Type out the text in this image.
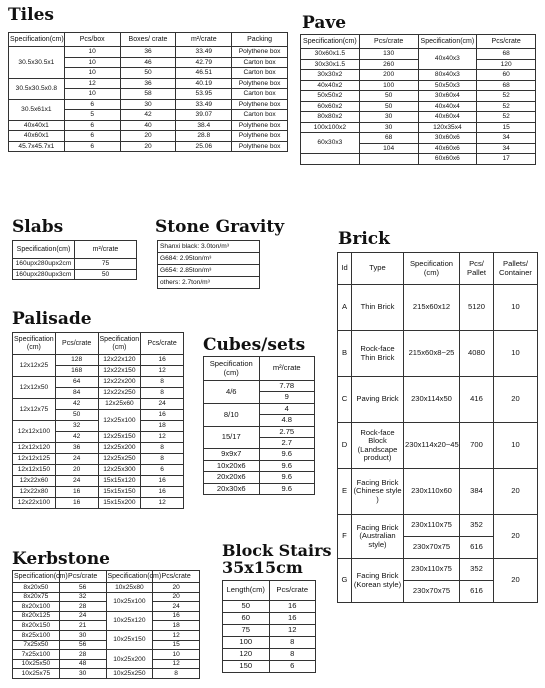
Tiles
Specification(cm)	Pcs/box	Boxes/ crate	m²/crate	Packing
30.5x30.5x1	10	36	33.49	Polythene box
	10	46	42.79	Carton box
	10	50	46.51	Carton box
30.5x30.5x0.8	12	36	40.19	Polythene box
	10	58	53.95	Carton box
30.5x61x1	6	30	33.49	Polythene box
	5	42	39.07	Carton box
40x40x1	6	40	38.4	Polythene box
40x60x1	6	20	28.8	Polythene box
45.7x45.7x1	6	20	25.06	Polythene box
Pave
Specification(cm)	Pcs/crate	Specification(cm)	Pcs/crate
30x60x1.5	130	40x40x3	68
30x30x1.5	260		120
30x30x2	200	80x40x3	60
40x40x2	100	50x50x3	68
50x50x2	50	30x60x4	52
60x60x2	50	40x40x4	52
80x80x2	30	40x60x4	52
100x100x2	30	120x35x4	15
60x30x3	68	30x60x6	34
	104	40x60x6	34
		60x60x6	17
Slabs
Specification(cm)	m²/crate
160upx280upx2cm	75
160upx280upx3cm	50
Stone Gravity
Shanxi black: 3.0ton/m³
G684: 2.95ton/m³
G654: 2.85ton/m³
others: 2.7ton/m³
Brick
Id	Type	Specification (cm)	Pcs/ Pallet	Pallets/ Container
A	Thin Brick	215x60x12	5120	10
B	Rock-face Thin Brick	215x60x8~25	4080	10
C	Paving Brick	230x114x50	416	20
D	Rock-face Block (Landscape product)	230x114x20~45	700	10
E	Facing Brick (Chinese style )	230x110x60	384	20
F	Facing Brick (Australian style)	230x110x75	352	20
		230x70x75	616	
G	Facing Brick (Korean style)	230x110x75	352	20
		230x70x75	616	
Palisade
Specification (cm)	Pcs/crate	Specification (cm)	Pcs/crate
12x12x25	128	12x22x120	16
	168	12x22x150	12
12x12x50	64	12x22x200	8
	84	12x22x250	8
12x12x75	42	12x25x60	24
	50	12x25x100	16
12x12x100	32		18
	42	12x25x150	12
12x12x120	36	12x25x200	8
12x12x125	24	12x25x250	8
12x12x150	20	12x25x300	6
12x22x60	24	15x15x120	16
12x22x80	16	15x15x150	16
12x22x100	16	15x15x200	12
Cubes/sets
Specification (cm)	m²/crate
4/6	7.78
	9
8/10	4
	4.8
15/17	2.75
	2.7
9x9x7	9.6
10x20x6	9.6
20x20x6	9.6
20x30x6	9.6
Kerbstone
Specification(cm)	Pcs/crate	Specification(cm)	Pcs/crate
8x20x50	56	10x25x80	20
8x20x75	32	10x25x100	20
8x20x100	28		24
8x20x125	24	10x25x120	16
8x20x150	21		18
8x25x100	30	10x25x150	12
7x25x50	56		15
7x25x100	28	10x25x200	10
10x25x50	48		12
10x25x75	30	10x25x250	8
Block Stairs
35x15cm
Length(cm)	Pcs/crate
50	16
60	16
75	12
100	8
120	8
150	6
